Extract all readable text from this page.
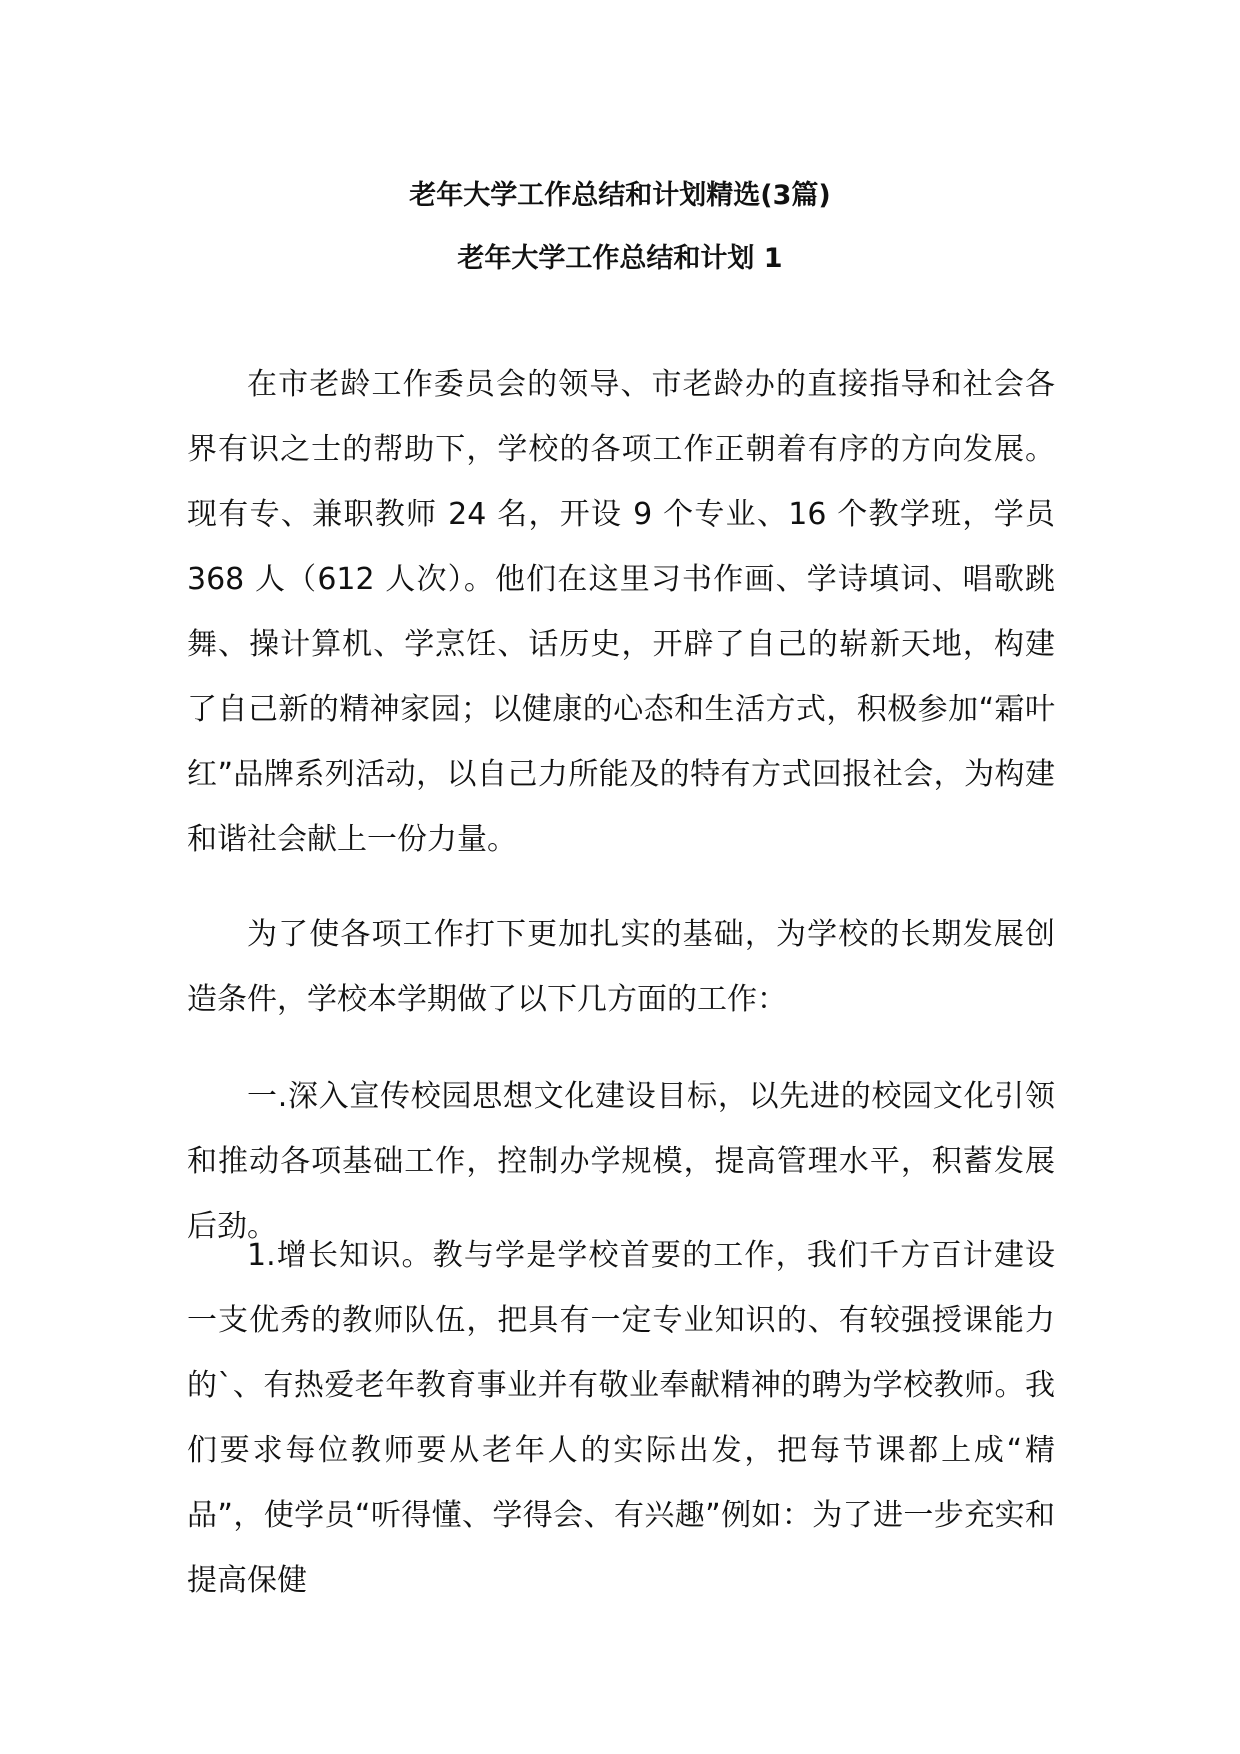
老年大学工作总结和计划精选(3篇)
老年大学工作总结和计划 1

在市老龄工作委员会的领导、市老龄办的直接指导和社会各界有识之士的帮助下，学校的各项工作正朝着有序的方向发展。现有专、兼职教师 24 名，开设 9 个专业、16 个教学班，学员 368 人（612 人次）。他们在这里习书作画、学诗填词、唱歌跳舞、操计算机、学烹饪、话历史，开辟了自己的崭新天地，构建了自己新的精神家园；以健康的心态和生活方式，积极参加“霜叶红”品牌系列活动，以自己力所能及的特有方式回报社会，为构建和谐社会献上一份力量。

为了使各项工作打下更加扎实的基础，为学校的长期发展创造条件，学校本学期做了以下几方面的工作：

一.深入宣传校园思想文化建设目标，以先进的校园文化引领和推动各项基础工作，控制办学规模，提高管理水平，积蓄发展后劲。

1.增长知识。教与学是学校首要的工作，我们千方百计建设一支优秀的教师队伍，把具有一定专业知识的、有较强授课能力的`、有热爱老年教育事业并有敬业奉献精神的聘为学校教师。我们要求每位教师要从老年人的实际出发，把每节课都上成“精品”，使学员“听得懂、学得会、有兴趣”例如：为了进一步充实和提高保健
